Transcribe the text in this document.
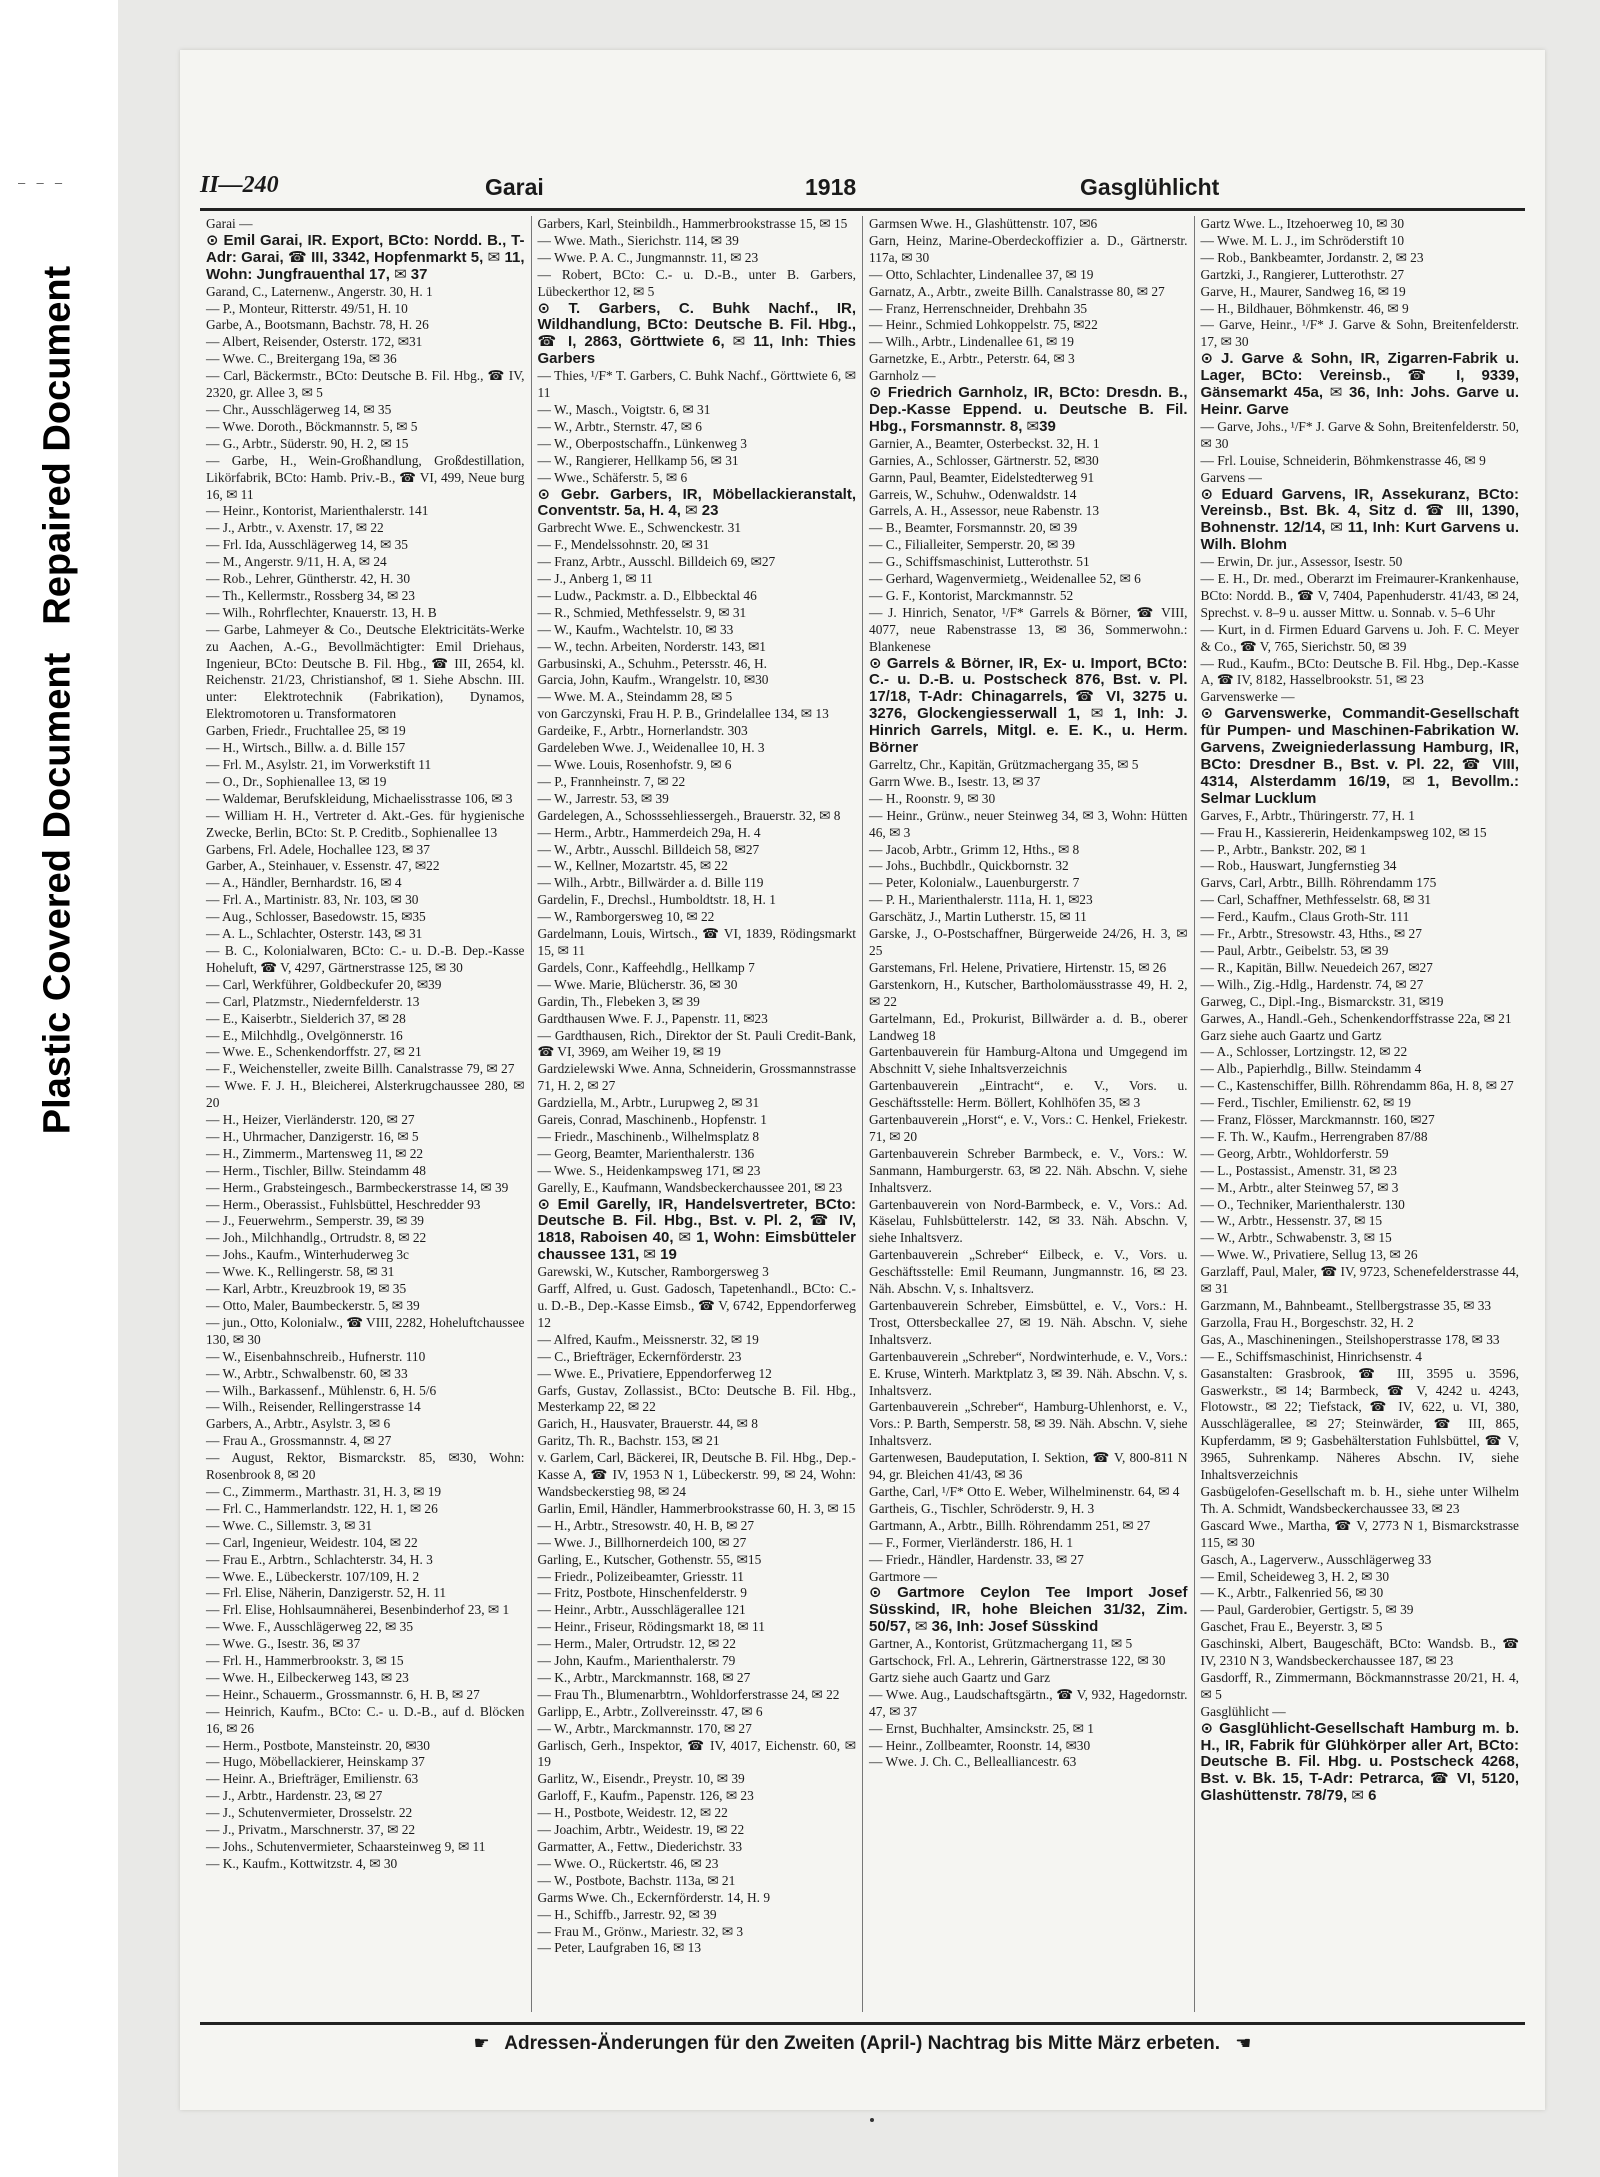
— — —
Plastic Covered DocumentRepaired Document
II—240	Garai	1918	Gasglühlicht

Garai —

⊙ Emil Garai, IR. Export, BCto: Nordd. B., T-Adr: Garai, ☎ III, 3342, Hopfenmarkt 5, ✉ 11, Wohn: Jungfrauenthal 17, ✉ 37

Garand, C., Laternenw., Angerstr. 30, H. 1

— P., Monteur, Ritterstr. 49/51, H. 10

Garbe, A., Bootsmann, Bachstr. 78, H. 26

— Albert, Reisender, Osterstr. 172, ✉31

— Wwe. C., Breitergang 19a, ✉ 36

— Carl, Bäckermstr., BCto: Deutsche B. Fil. Hbg., ☎ IV, 2320, gr. Allee 3, ✉ 5

— Chr., Ausschlägerweg 14, ✉ 35

— Wwe. Doroth., Böckmannstr. 5, ✉ 5

— G., Arbtr., Süderstr. 90, H. 2, ✉ 15

— Garbe, H., Wein-Großhandlung, Großdestillation, Likörfabrik, BCto: Hamb. Priv.-B., ☎ VI, 499, Neue burg 16, ✉ 11

— Heinr., Kontorist, Marienthalerstr. 141

— J., Arbtr., v. Axenstr. 17, ✉ 22

— Frl. Ida, Ausschlägerweg 14, ✉ 35

— M., Angerstr. 9/11, H. A, ✉ 24

— Rob., Lehrer, Güntherstr. 42, H. 30

— Th., Kellermstr., Rossberg 34, ✉ 23

— Wilh., Rohrflechter, Knauerstr. 13, H. B

— Garbe, Lahmeyer & Co., Deutsche Elektricitäts-Werke zu Aachen, A.-G., Bevollmächtigter: Emil Driehaus, Ingenieur, BCto: Deutsche B. Fil. Hbg., ☎ III, 2654, kl. Reichenstr. 21/23, Christianshof, ✉ 1. Siehe Abschn. III. unter: Elektrotechnik (Fabrikation), Dynamos, Elektromotoren u. Transformatoren

Garben, Friedr., Fruchtallee 25, ✉ 19

— H., Wirtsch., Billw. a. d. Bille 157

— Frl. M., Asylstr. 21, im Vorwerkstift 11

— O., Dr., Sophienallee 13, ✉ 19

— Waldemar, Berufskleidung, Michaelisstrasse 106, ✉ 3

— William H. H., Vertreter d. Akt.-Ges. für hygienische Zwecke, Berlin, BCto: St. P. Creditb., Sophienallee 13

Garbens, Frl. Adele, Hochallee 123, ✉ 37

Garber, A., Steinhauer, v. Essenstr. 47, ✉22

— A., Händler, Bernhardstr. 16, ✉ 4

— Frl. A., Martinistr. 83, Nr. 103, ✉ 30

— Aug., Schlosser, Basedowstr. 15, ✉35

— A. L., Schlachter, Osterstr. 143, ✉ 31

— B. C., Kolonialwaren, BCto: C.- u. D.-B. Dep.-Kasse Hoheluft, ☎ V, 4297, Gärtnerstrasse 125, ✉ 30

— Carl, Werkführer, Goldbeckufer 20, ✉39

— Carl, Platzmstr., Niedernfelderstr. 13

— E., Kaiserbtr., Sielderich 37, ✉ 28

— E., Milchhdlg., Ovelgönnerstr. 16

— Wwe. E., Schenkendorffstr. 27, ✉ 21

— F., Weichensteller, zweite Billh. Canalstrasse 79, ✉ 27

— Wwe. F. J. H., Bleicherei, Alsterkrugchaussee 280, ✉ 20

— H., Heizer, Vierländerstr. 120, ✉ 27

— H., Uhrmacher, Danzigerstr. 16, ✉ 5

— H., Zimmerm., Martensweg 11, ✉ 22

— Herm., Tischler, Billw. Steindamm 48

— Herm., Grabsteingesch., Barmbeckerstrasse 14, ✉ 39

— Herm., Oberassist., Fuhlsbüttel, Heschredder 93

— J., Feuerwehrm., Semperstr. 39, ✉ 39

— Joh., Milchhandlg., Ortrudstr. 8, ✉ 22

— Johs., Kaufm., Winterhuderweg 3c

— Wwe. K., Rellingerstr. 58, ✉ 31

— Karl, Arbtr., Kreuzbrook 19, ✉ 35

— Otto, Maler, Baumbeckerstr. 5, ✉ 39

— jun., Otto, Kolonialw., ☎ VIII, 2282, Hoheluftchaussee 130, ✉ 30

— W., Eisenbahnschreib., Hufnerstr. 110

— W., Arbtr., Schwalbenstr. 60, ✉ 33

— Wilh., Barkassenf., Mühlenstr. 6, H. 5/6

— Wilh., Reisender, Rellingerstrasse 14

Garbers, A., Arbtr., Asylstr. 3, ✉ 6

— Frau A., Grossmannstr. 4, ✉ 27

— August, Rektor, Bismarckstr. 85, ✉30, Wohn: Rosenbrook 8, ✉ 20

— C., Zimmerm., Marthastr. 31, H. 3, ✉ 19

— Frl. C., Hammerlandstr. 122, H. 1, ✉ 26

— Wwe. C., Sillemstr. 3, ✉ 31

— Carl, Ingenieur, Weidestr. 104, ✉ 22

— Frau E., Arbtrn., Schlachterstr. 34, H. 3

— Wwe. E., Lübeckerstr. 107/109, H. 2

— Frl. Elise, Näherin, Danzigerstr. 52, H. 11

— Frl. Elise, Hohlsaumnäherei, Besenbinderhof 23, ✉ 1

— Wwe. F., Ausschlägerweg 22, ✉ 35

— Wwe. G., Isestr. 36, ✉ 37

— Frl. H., Hammerbrookstr. 3, ✉ 15

— Wwe. H., Eilbeckerweg 143, ✉ 23

— Heinr., Schauerm., Grossmannstr. 6, H. B, ✉ 27

— Heinrich, Kaufm., BCto: C.- u. D.-B., auf d. Blöcken 16, ✉ 26

— Herm., Postbote, Mansteinstr. 20, ✉30

— Hugo, Möbellackierer, Heinskamp 37

— Heinr. A., Briefträger, Emilienstr. 63

— J., Arbtr., Hardenstr. 23, ✉ 27

— J., Schutenvermieter, Drosselstr. 22

— J., Privatm., Marschnerstr. 37, ✉ 22

— Johs., Schutenvermieter, Schaarsteinweg 9, ✉ 11

— K., Kaufm., Kottwitzstr. 4, ✉ 30

Garbers, Karl, Steinbildh., Hammerbrookstrasse 15, ✉ 15

— Wwe. Math., Sierichstr. 114, ✉ 39

— Wwe. P. A. C., Jungmannstr. 11, ✉ 23

— Robert, BCto: C.- u. D.-B., unter B. Garbers, Lübeckerthor 12, ✉ 5

⊙ T. Garbers, C. Buhk Nachf., IR, Wildhandlung, BCto: Deutsche B. Fil. Hbg., ☎ I, 2863, Görttwiete 6, ✉ 11, Inh: Thies Garbers

— Thies, ¹/F* T. Garbers, C. Buhk Nachf., Görttwiete 6, ✉ 11

— W., Masch., Voigtstr. 6, ✉ 31

— W., Arbtr., Sternstr. 47, ✉ 6

— W., Oberpostschaffn., Lünkenweg 3

— W., Rangierer, Hellkamp 56, ✉ 31

— Wwe., Schäferstr. 5, ✉ 6

⊙ Gebr. Garbers, IR, Möbellackieranstalt, Conventstr. 5a, H. 4, ✉ 23

Garbrecht Wwe. E., Schwenckestr. 31

— F., Mendelssohnstr. 20, ✉ 31

— Franz, Arbtr., Ausschl. Billdeich 69, ✉27

— J., Anberg 1, ✉ 11

— Ludw., Packmstr. a. D., Elbbecktal 46

— R., Schmied, Methfesselstr. 9, ✉ 31

— W., Kaufm., Wachtelstr. 10, ✉ 33

— W., techn. Arbeiten, Norderstr. 143, ✉1

Garbusinski, A., Schuhm., Petersstr. 46, H.

Garcia, John, Kaufm., Wrangelstr. 10, ✉30

— Wwe. M. A., Steindamm 28, ✉ 5

von Garczynski, Frau H. P. B., Grindelallee 134, ✉ 13

Gardeike, F., Arbtr., Hornerlandstr. 303

Gardeleben Wwe. J., Weidenallee 10, H. 3

— Wwe. Louis, Rosenhofstr. 9, ✉ 6

— P., Frannheinstr. 7, ✉ 22

— W., Jarrestr. 53, ✉ 39

Gardelegen, A., Schosssehliessergeh., Brauerstr. 32, ✉ 8

— Herm., Arbtr., Hammerdeich 29a, H. 4

— W., Arbtr., Ausschl. Billdeich 58, ✉27

— W., Kellner, Mozartstr. 45, ✉ 22

— Wilh., Arbtr., Billwärder a. d. Bille 119

Gardelin, F., Drechsl., Humboldtstr. 18, H. 1

— W., Ramborgersweg 10, ✉ 22

Gardelmann, Louis, Wirtsch., ☎ VI, 1839, Rödingsmarkt 15, ✉ 11

Gardels, Conr., Kaffeehdlg., Hellkamp 7

— Wwe. Marie, Blücherstr. 36, ✉ 30

Gardin, Th., Flebeken 3, ✉ 39

Gardthausen Wwe. F. J., Papenstr. 11, ✉23

— Gardthausen, Rich., Direktor der St. Pauli Credit-Bank, ☎ VI, 3969, am Weiher 19, ✉ 19

Gardzielewski Wwe. Anna, Schneiderin, Grossmannstrasse 71, H. 2, ✉ 27

Gardziella, M., Arbtr., Lurupweg 2, ✉ 31

Gareis, Conrad, Maschinenb., Hopfenstr. 1

— Friedr., Maschinenb., Wilhelmsplatz 8

— Georg, Beamter, Marienthalerstr. 136

— Wwe. S., Heidenkampsweg 171, ✉ 23

Garelly, E., Kaufmann, Wandsbeckerchaussee 201, ✉ 23

⊙ Emil Garelly, IR, Handelsvertreter, BCto: Deutsche B. Fil. Hbg., Bst. v. Pl. 2, ☎ IV, 1818, Raboisen 40, ✉ 1, Wohn: Eimsbütteler chaussee 131, ✉ 19

Garewski, W., Kutscher, Ramborgersweg 3

Garff, Alfred, u. Gust. Gadosch, Tapetenhandl., BCto: C.- u. D.-B., Dep.-Kasse Eimsb., ☎ V, 6742, Eppendorferweg 12

— Alfred, Kaufm., Meissnerstr. 32, ✉ 19

— C., Briefträger, Eckernförderstr. 23

— Wwe. E., Privatiere, Eppendorferweg 12

Garfs, Gustav, Zollassist., BCto: Deutsche B. Fil. Hbg., Mesterkamp 22, ✉ 22

Garich, H., Hausvater, Brauerstr. 44, ✉ 8

Garitz, Th. R., Bachstr. 153, ✉ 21

v. Garlem, Carl, Bäckerei, IR, Deutsche B. Fil. Hbg., Dep.-Kasse A, ☎ IV, 1953 N 1, Lübeckerstr. 99, ✉ 24, Wohn: Wandsbeckerstieg 98, ✉ 24

Garlin, Emil, Händler, Hammerbrookstrasse 60, H. 3, ✉ 15

— H., Arbtr., Stresowstr. 40, H. B, ✉ 27

— Wwe. J., Billhornerdeich 100, ✉ 27

Garling, E., Kutscher, Gothenstr. 55, ✉15

— Friedr., Polizeibeamter, Griesstr. 11

— Fritz, Postbote, Hinschenfelderstr. 9

— Heinr., Arbtr., Ausschlägerallee 121

— Heinr., Friseur, Rödingsmarkt 18, ✉ 11

— Herm., Maler, Ortrudstr. 12, ✉ 22

— John, Kaufm., Marienthalerstr. 79

— K., Arbtr., Marckmannstr. 168, ✉ 27

— Frau Th., Blumenarbtrn., Wohldorferstrasse 24, ✉ 22

Garlipp, E., Arbtr., Zollvereinsstr. 47, ✉ 6

— W., Arbtr., Marckmannstr. 170, ✉ 27

Garlisch, Gerh., Inspektor, ☎ IV, 4017, Eichenstr. 60, ✉ 19

Garlitz, W., Eisendr., Preystr. 10, ✉ 39

Garloff, F., Kaufm., Papenstr. 126, ✉ 23

— H., Postbote, Weidestr. 12, ✉ 22

— Joachim, Arbtr., Weidestr. 19, ✉ 22

Garmatter, A., Fettw., Diederichstr. 33

— Wwe. O., Rückertstr. 46, ✉ 23

— W., Postbote, Bachstr. 113a, ✉ 21

Garms Wwe. Ch., Eckernförderstr. 14, H. 9

— H., Schiffb., Jarrestr. 92, ✉ 39

— Frau M., Grönw., Mariestr. 32, ✉ 3

— Peter, Laufgraben 16, ✉ 13

Garmsen Wwe. H., Glashüttenstr. 107, ✉6

Garn, Heinz, Marine-Oberdeckoffizier a. D., Gärtnerstr. 117a, ✉ 30

— Otto, Schlachter, Lindenallee 37, ✉ 19

Garnatz, A., Arbtr., zweite Billh. Canalstrasse 80, ✉ 27

— Franz, Herrenschneider, Drehbahn 35

— Heinr., Schmied Lohkoppelstr. 75, ✉22

— Wilh., Arbtr., Lindenallee 61, ✉ 19

Garnetzke, E., Arbtr., Peterstr. 64, ✉ 3

Garnholz —

⊙ Friedrich Garnholz, IR, BCto: Dresdn. B., Dep.-Kasse Eppend. u. Deutsche B. Fil. Hbg., Forsmannstr. 8, ✉39

Garnier, A., Beamter, Osterbeckst. 32, H. 1

Garnies, A., Schlosser, Gärtnerstr. 52, ✉30

Garnn, Paul, Beamter, Eidelstedterweg 91

Garreis, W., Schuhw., Odenwaldstr. 14

Garrels, A. H., Assessor, neue Rabenstr. 13

— B., Beamter, Forsmannstr. 20, ✉ 39

— C., Filialleiter, Semperstr. 20, ✉ 39

— G., Schiffsmaschinist, Lutterothstr. 51

— Gerhard, Wagenvermietg., Weidenallee 52, ✉ 6

— G. F., Kontorist, Marckmannstr. 52

— J. Hinrich, Senator, ¹/F* Garrels & Börner, ☎ VIII, 4077, neue Rabenstrasse 13, ✉ 36, Sommerwohn.: Blankenese

⊙ Garrels & Börner, IR, Ex- u. Import, BCto: C.- u. D.-B. u. Postscheck 876, Bst. v. Pl. 17/18, T-Adr: Chinagarrels, ☎ VI, 3275 u. 3276, Glockengiesserwall 1, ✉ 1, Inh: J. Hinrich Garrels, Mitgl. e. E. K., u. Herm. Börner

Garreltz, Chr., Kapitän, Grützmachergang 35, ✉ 5

Garrn Wwe. B., Isestr. 13, ✉ 37

— H., Roonstr. 9, ✉ 30

— Heinr., Grünw., neuer Steinweg 34, ✉ 3, Wohn: Hütten 46, ✉ 3

— Jacob, Arbtr., Grimm 12, Hths., ✉ 8

— Johs., Buchbdlr., Quickbornstr. 32

— Peter, Kolonialw., Lauenburgerstr. 7

— P. H., Marienthalerstr. 111a, H. 1, ✉23

Garschätz, J., Martin Lutherstr. 15, ✉ 11

Garske, J., O-Postschaffner, Bürgerweide 24/26, H. 3, ✉ 25

Garstemans, Frl. Helene, Privatiere, Hirtenstr. 15, ✉ 26

Garstenkorn, H., Kutscher, Bartholomäusstrasse 49, H. 2, ✉ 22

Gartelmann, Ed., Prokurist, Billwärder a. d. B., oberer Landweg 18

Gartenbauverein für Hamburg-Altona und Umgegend im Abschnitt V, siehe Inhaltsverzeichnis

Gartenbauverein „Eintracht“, e. V., Vors. u. Geschäftsstelle: Herm. Böllert, Kohlhöfen 35, ✉ 3

Gartenbauverein „Horst“, e. V., Vors.: C. Henkel, Friekestr. 71, ✉ 20

Gartenbauverein Schreber Barmbeck, e. V., Vors.: W. Sanmann, Hamburgerstr. 63, ✉ 22. Näh. Abschn. V, siehe Inhaltsverz.

Gartenbauverein von Nord-Barmbeck, e. V., Vors.: Ad. Käselau, Fuhlsbüttelerstr. 142, ✉ 33. Näh. Abschn. V, siehe Inhaltsverz.

Gartenbauverein „Schreber“ Eilbeck, e. V., Vors. u. Geschäftsstelle: Emil Reumann, Jungmannstr. 16, ✉ 23. Näh. Abschn. V, s. Inhaltsverz.

Gartenbauverein Schreber, Eimsbüttel, e. V., Vors.: H. Trost, Ottersbeckallee 27, ✉ 19. Näh. Abschn. V, siehe Inhaltsverz.

Gartenbauverein „Schreber“, Nordwinterhude, e. V., Vors.: E. Kruse, Winterh. Marktplatz 3, ✉ 39. Näh. Abschn. V, s. Inhaltsverz.

Gartenbauverein „Schreber“, Hamburg-Uhlenhorst, e. V., Vors.: P. Barth, Semperstr. 58, ✉ 39. Näh. Abschn. V, siehe Inhaltsverz.

Gartenwesen, Baudeputation, I. Sektion, ☎ V, 800-811 N 94, gr. Bleichen 41/43, ✉ 36

Garthe, Carl, ¹/F* Otto E. Weber, Wilhelminenstr. 64, ✉ 4

Gartheis, G., Tischler, Schröderstr. 9, H. 3

Gartmann, A., Arbtr., Billh. Röhrendamm 251, ✉ 27

— F., Former, Vierländerstr. 186, H. 1

— Friedr., Händler, Hardenstr. 33, ✉ 27

Gartmore —

⊙ Gartmore Ceylon Tee Import Josef Süsskind, IR, hohe Bleichen 31/32, Zim. 50/57, ✉ 36, Inh: Josef Süsskind

Gartner, A., Kontorist, Grützmachergang 11, ✉ 5

Gartschock, Frl. A., Lehrerin, Gärtnerstrasse 122, ✉ 30

Gartz siehe auch Gaartz und Garz

— Wwe. Aug., Laudschaftsgärtn., ☎ V, 932, Hagedornstr. 47, ✉ 37

— Ernst, Buchhalter, Amsinckstr. 25, ✉ 1

— Heinr., Zollbeamter, Roonstr. 14, ✉30

— Wwe. J. Ch. C., Bellealliancestr. 63

Gartz Wwe. L., Itzehoerweg 10, ✉ 30

— Wwe. M. L. J., im Schröderstift 10

— Rob., Bankbeamter, Jordanstr. 2, ✉ 23

Gartzki, J., Rangierer, Lutterothstr. 27

Garve, H., Maurer, Sandweg 16, ✉ 19

— H., Bildhauer, Böhmkenstr. 46, ✉ 9

— Garve, Heinr., ¹/F* J. Garve & Sohn, Breitenfelderstr. 17, ✉ 30

⊙ J. Garve & Sohn, IR, Zigarren-Fabrik u. Lager, BCto: Vereinsb., ☎ I, 9339, Gänsemarkt 45a, ✉ 36, Inh: Johs. Garve u. Heinr. Garve

— Garve, Johs., ¹/F* J. Garve & Sohn, Breitenfelderstr. 50, ✉ 30

— Frl. Louise, Schneiderin, Böhmkenstrasse 46, ✉ 9

Garvens —

⊙ Eduard Garvens, IR, Assekuranz, BCto: Vereinsb., Bst. Bk. 4, Sitz d. ☎ III, 1390, Bohnenstr. 12/14, ✉ 11, Inh: Kurt Garvens u. Wilh. Blohm

— Erwin, Dr. jur., Assessor, Isestr. 50

— E. H., Dr. med., Oberarzt im Freimaurer-Krankenhause, BCto: Nordd. B., ☎ V, 7404, Papenhuderstr. 41/43, ✉ 24, Sprechst. v. 8–9 u. ausser Mittw. u. Sonnab. v. 5–6 Uhr

— Kurt, in d. Firmen Eduard Garvens u. Joh. F. C. Meyer & Co., ☎ V, 765, Sierichstr. 50, ✉ 39

— Rud., Kaufm., BCto: Deutsche B. Fil. Hbg., Dep.-Kasse A, ☎ IV, 8182, Hasselbrookstr. 51, ✉ 23

Garvenswerke —

⊙ Garvenswerke, Commandit-Gesellschaft für Pumpen- und Maschinen-Fabrikation W. Garvens, Zweigniederlassung Hamburg, IR, BCto: Dresdner B., Bst. v. Pl. 22, ☎ VIII, 4314, Alsterdamm 16/19, ✉ 1, Bevollm.: Selmar Lucklum

Garves, F., Arbtr., Thüringerstr. 77, H. 1

— Frau H., Kassiererin, Heidenkampsweg 102, ✉ 15

— P., Arbtr., Bankstr. 202, ✉ 1

— Rob., Hauswart, Jungfernstieg 34

Garvs, Carl, Arbtr., Billh. Röhrendamm 175

— Carl, Schaffner, Methfesselstr. 68, ✉ 31

— Ferd., Kaufm., Claus Groth-Str. 111

— Fr., Arbtr., Stresowstr. 43, Hths., ✉ 27

— Paul, Arbtr., Geibelstr. 53, ✉ 39

— R., Kapitän, Billw. Neuedeich 267, ✉27

— Wilh., Zig.-Hdlg., Hardenstr. 74, ✉ 27

Garweg, C., Dipl.-Ing., Bismarckstr. 31, ✉19

Garwes, A., Handl.-Geh., Schenkendorffstrasse 22a, ✉ 21

Garz siehe auch Gaartz und Gartz

— A., Schlosser, Lortzingstr. 12, ✉ 22

— Alb., Papierhdlg., Billw. Steindamm 4

— C., Kastenschiffer, Billh. Röhrendamm 86a, H. 8, ✉ 27

— Ferd., Tischler, Emilienstr. 62, ✉ 19

— Franz, Flösser, Marckmannstr. 160, ✉27

— F. Th. W., Kaufm., Herrengraben 87/88

— Georg, Arbtr., Wohldorferstr. 59

— L., Postassist., Amenstr. 31, ✉ 23

— M., Arbtr., alter Steinweg 57, ✉ 3

— O., Techniker, Marienthalerstr. 130

— W., Arbtr., Hessenstr. 37, ✉ 15

— W., Arbtr., Schwabenstr. 3, ✉ 15

— Wwe. W., Privatiere, Sellug 13, ✉ 26

Garzlaff, Paul, Maler, ☎ IV, 9723, Schenefelderstrasse 44, ✉ 31

Garzmann, M., Bahnbeamt., Stellbergstrasse 35, ✉ 33

Garzolla, Frau H., Borgeschstr. 32, H. 2

Gas, A., Maschineningen., Steilshoperstrasse 178, ✉ 33

— E., Schiffsmaschinist, Hinrichsenstr. 4

Gasanstalten: Grasbrook, ☎ III, 3595 u. 3596, Gaswerkstr., ✉ 14; Barmbeck, ☎ V, 4242 u. 4243, Flotowstr., ✉ 22; Tiefstack, ☎ IV, 622, u. VI, 380, Ausschlägerallee, ✉ 27; Steinwärder, ☎ III, 865, Kupferdamm, ✉ 9; Gasbehälterstation Fuhlsbüttel, ☎ V, 3965, Suhrenkamp. Näheres Abschn. IV, siehe Inhaltsverzeichnis

Gasbügelofen-Gesellschaft m. b. H., siehe unter Wilhelm Th. A. Schmidt, Wandsbeckerchaussee 33, ✉ 23

Gascard Wwe., Martha, ☎ V, 2773 N 1, Bismarckstrasse 115, ✉ 30

Gasch, A., Lagerverw., Ausschlägerweg 33

— Emil, Scheideweg 3, H. 2, ✉ 30

— K., Arbtr., Falkenried 56, ✉ 30

— Paul, Garderobier, Gertigstr. 5, ✉ 39

Gaschet, Frau E., Beyerstr. 3, ✉ 5

Gaschinski, Albert, Baugeschäft, BCto: Wandsb. B., ☎ IV, 2310 N 3, Wandsbeckerchaussee 187, ✉ 23

Gasdorff, R., Zimmermann, Böckmannstrasse 20/21, H. 4, ✉ 5

Gasglühlicht —

⊙ Gasglühlicht-Gesellschaft Hamburg m. b. H., IR, Fabrik für Glühkörper aller Art, BCto: Deutsche B. Fil. Hbg. u. Postscheck 4268, Bst. v. Bk. 15, T-Adr: Petrarca, ☎ VI, 5120, Glashüttenstr. 78/79, ✉ 6

☛ Adressen-Änderungen für den Zweiten (April-) Nachtrag bis Mitte März erbeten. ☚
